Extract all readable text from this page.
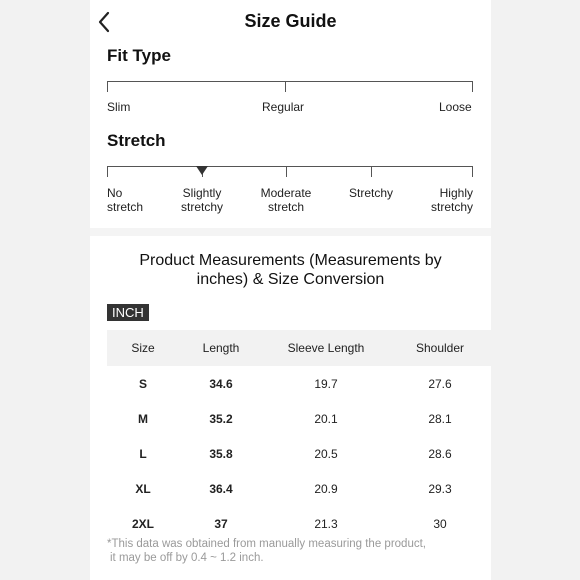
Size Guide
Fit Type
Slim	Regular	Loose
Stretch
No
stretch
Slightly
stretchy
Moderate
stretch
Stretchy	Highly
stretchy
Product Measurements (Measurements by
inches) & Size Conversion
INCH
Size	Length	Sleeve Length	Shoulder
S	34.6	19.7	27.6
M	35.2	20.1	28.1
L	35.8	20.5	28.6
XL	36.4	20.9	29.3
2XL	37	21.3	30
*This data was obtained from manually measuring the product,
it may be off by 0.4 ~ 1.2 inch.
